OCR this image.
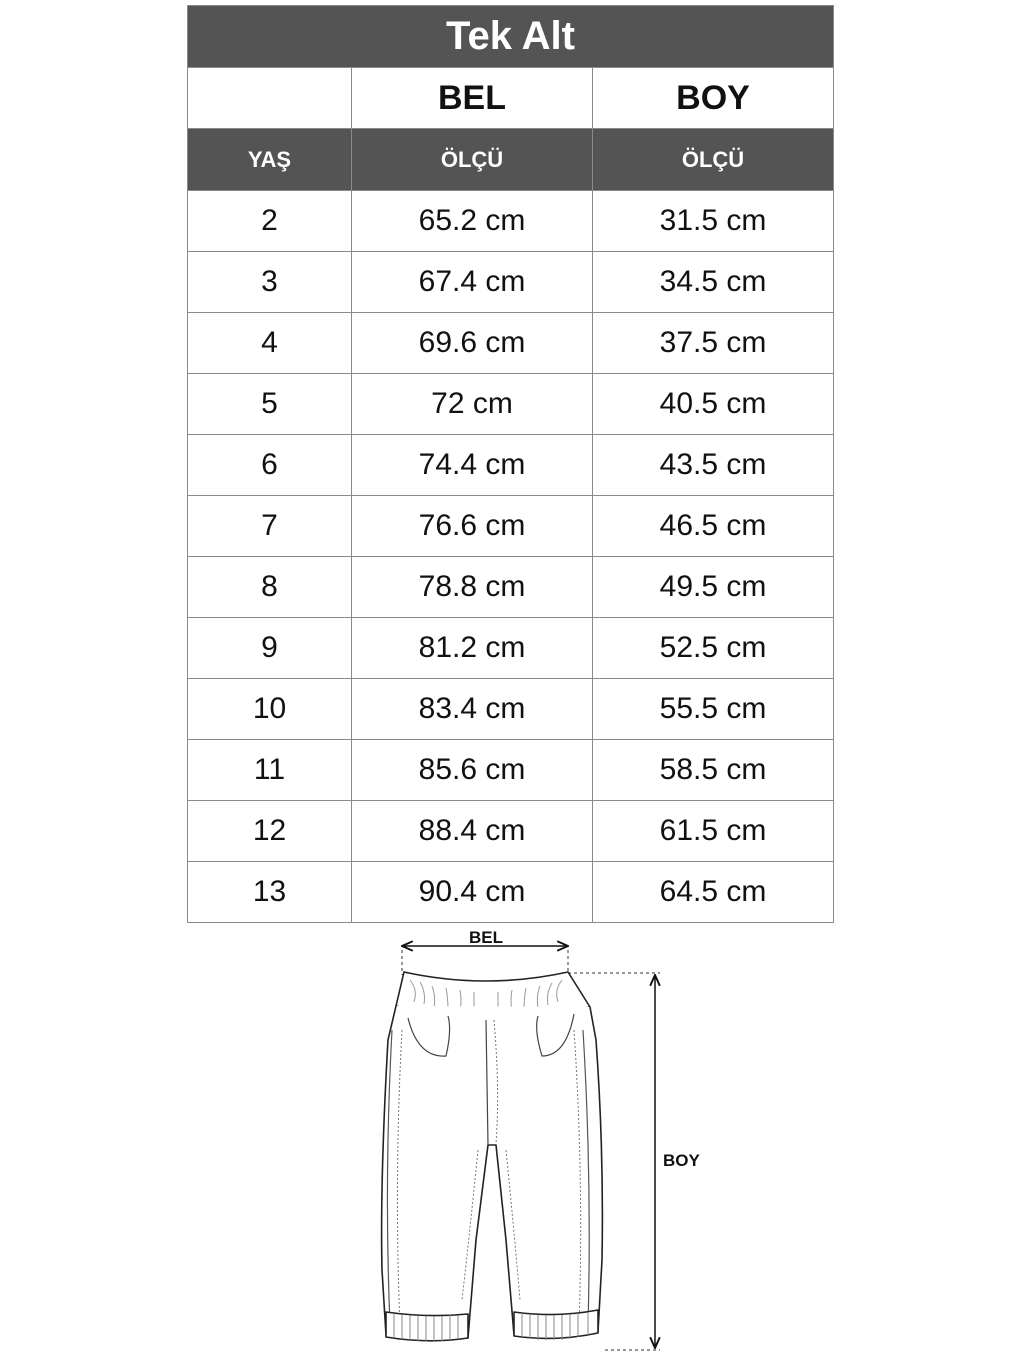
Tek Alt		
	BEL	BOY
YAŞ	ÖLÇÜ	ÖLÇÜ
2	65.2 cm	31.5 cm
3	67.4 cm	34.5 cm
4	69.6 cm	37.5 cm
5	72 cm	40.5 cm
6	74.4 cm	43.5 cm
7	76.6 cm	46.5 cm
8	78.8 cm	49.5 cm
9	81.2 cm	52.5 cm
10	83.4 cm	55.5 cm
11	85.6 cm	58.5 cm
12	88.4 cm	61.5 cm
13	90.4 cm	64.5 cm
BEL
BOY
